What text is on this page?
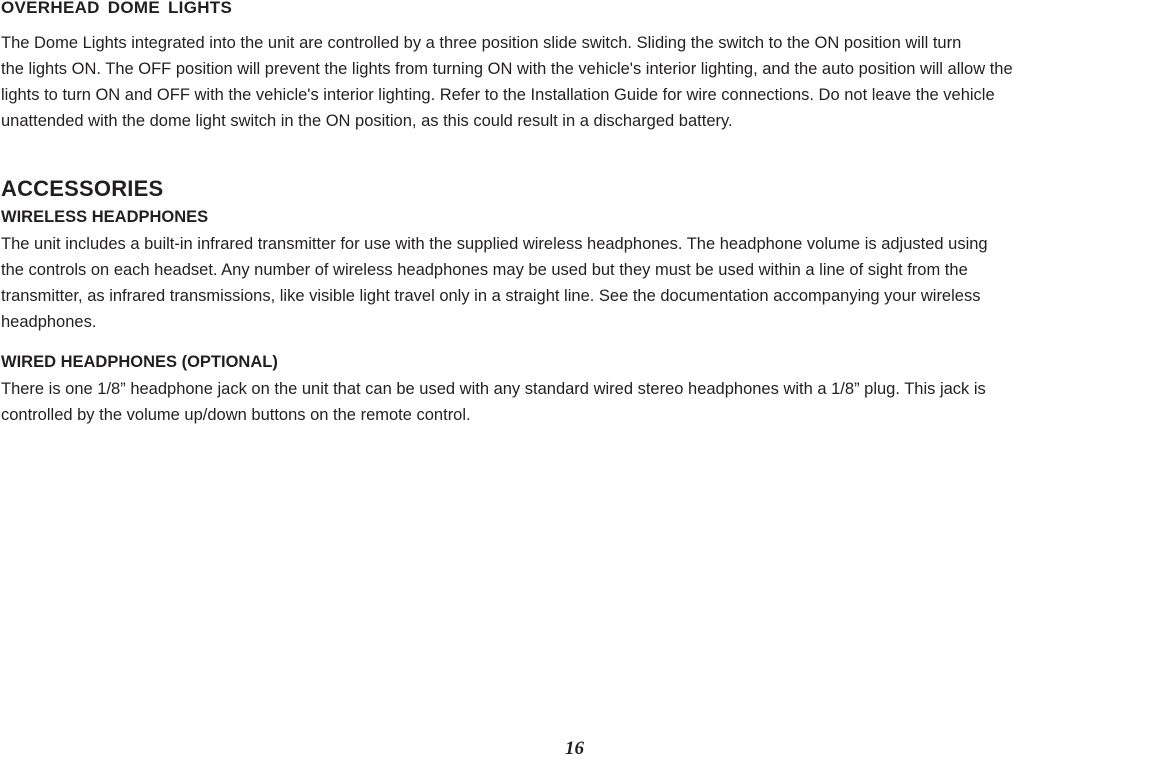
OVERHEAD DOME LIGHTS

The Dome Lights integrated into the unit are controlled by a three position slide switch. Sliding the switch to the ON position will turn
the lights ON. The OFF position will prevent the lights from turning ON with the vehicle's interior lighting, and the auto position will allow the
lights to turn ON and OFF with the vehicle's interior lighting. Refer to the Installation Guide for wire connections. Do not leave the vehicle
unattended with the dome light switch in the ON position, as this could result in a discharged battery.

ACCESSORIES
WIRELESS HEADPHONES

The unit includes a built-in infrared transmitter for use with the supplied wireless headphones. The headphone volume is adjusted using
the controls on each headset. Any number of wireless headphones may be used but they must be used within a line of sight from the
transmitter, as infrared transmissions, like visible light travel only in a straight line. See the documentation accompanying your wireless
headphones.

WIRED HEADPHONES (OPTIONAL)

There is one 1/8” headphone jack on the unit that can be used with any standard wired stereo headphones with a 1/8” plug. This jack is
controlled by the volume up/down buttons on the remote control.

16
